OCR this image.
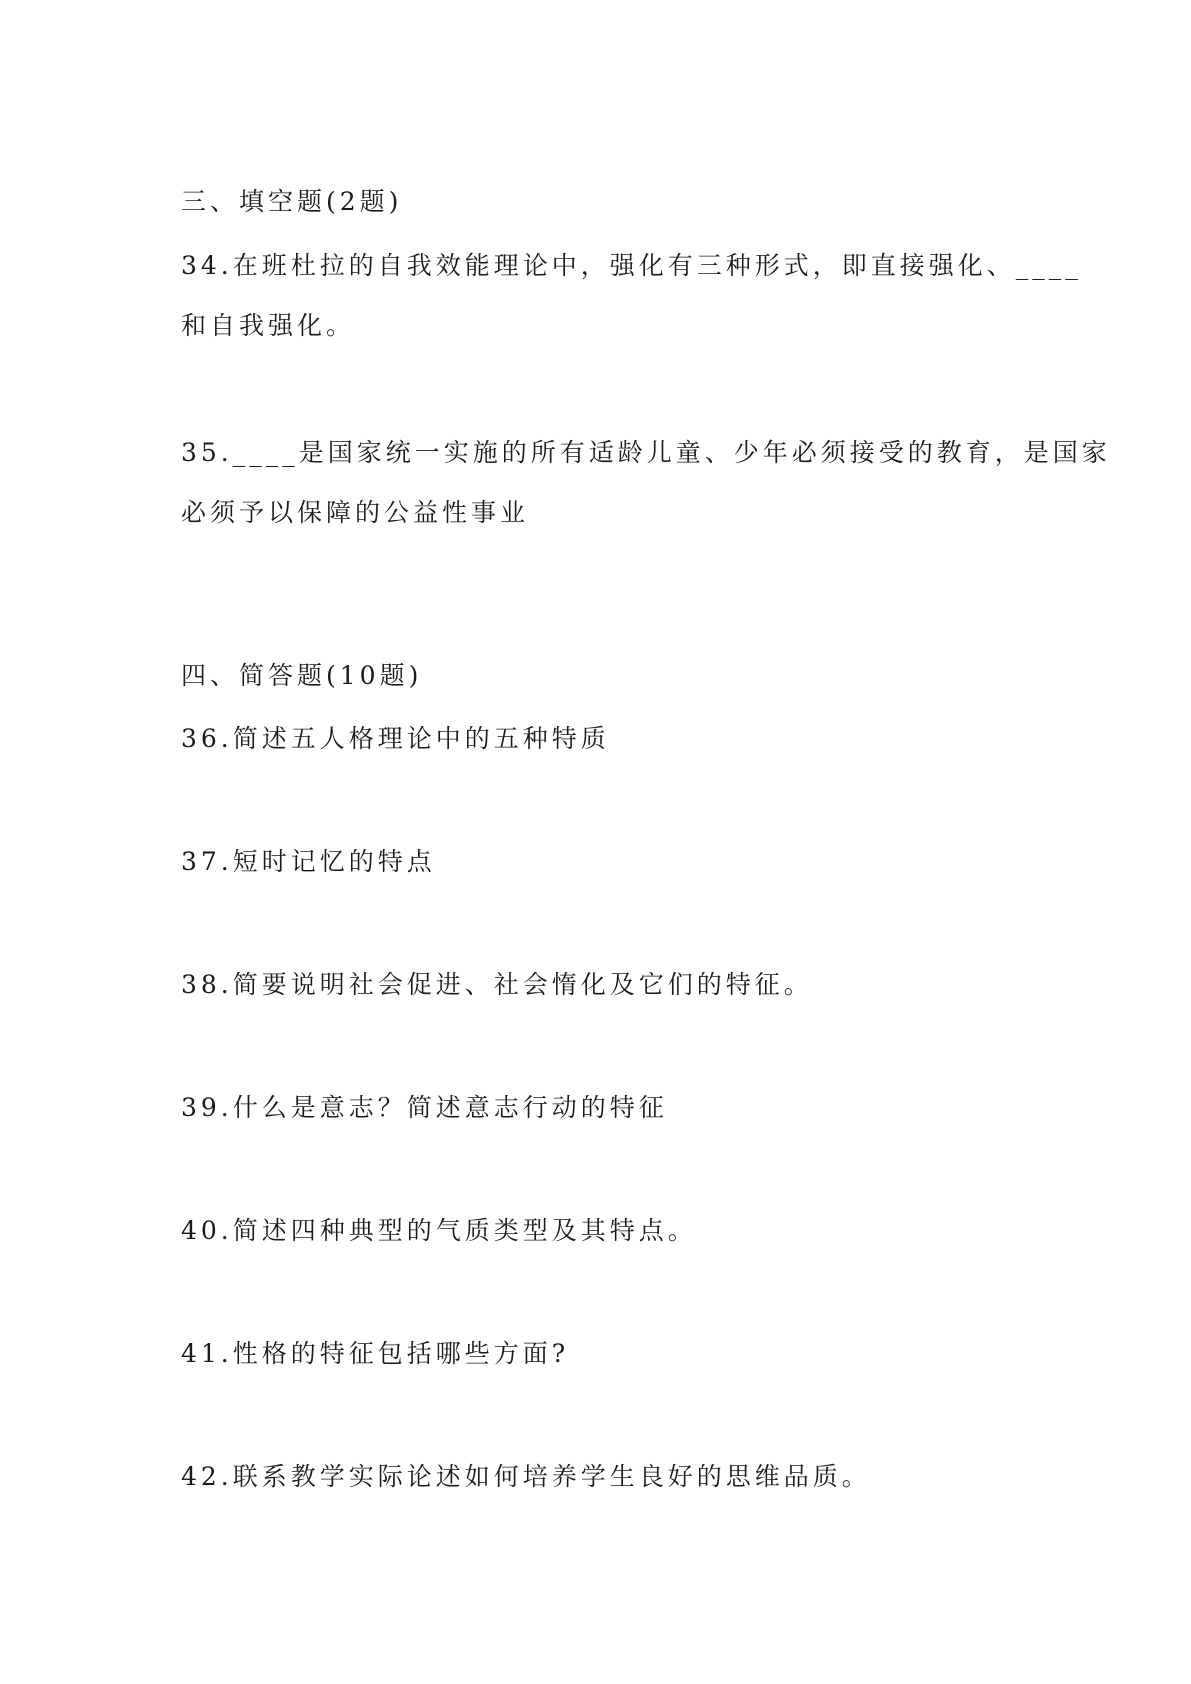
三、填空题(2题)
34.在班杜拉的自我效能理论中，强化有三种形式，即直接强化、____
和自我强化。
35.____是国家统一实施的所有适龄儿童、少年必须接受的教育，是国家
必须予以保障的公益性事业
四、简答题(10题)
36.简述五人格理论中的五种特质
37.短时记忆的特点
38.简要说明社会促进、社会惰化及它们的特征。
39.什么是意志？简述意志行动的特征
40.简述四种典型的气质类型及其特点。
41.性格的特征包括哪些方面?
42.联系教学实际论述如何培养学生良好的思维品质。
